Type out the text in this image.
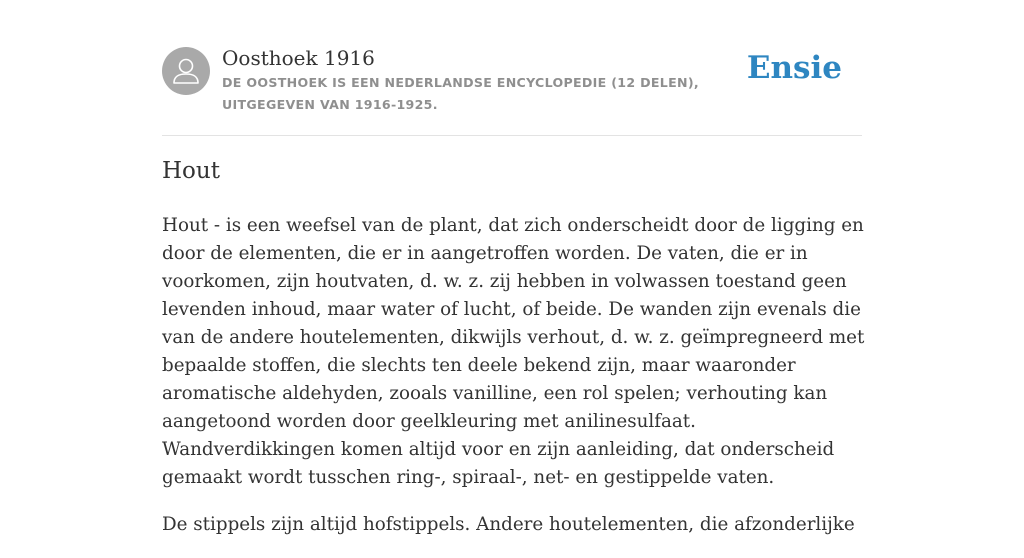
Oosthoek 1916
DE OOSTHOEK IS EEN NEDERLANDSE ENCYCLOPEDIE (12 DELEN), UITGEGEVEN VAN 1916-1925.
Ensie
Hout

Hout - is een weefsel van de plant, dat zich onderscheidt door de ligging en door de elementen, die er in aangetroffen worden. De vaten, die er in voorkomen, zijn houtvaten, d. w. z. zij hebben in volwassen toestand geen levenden inhoud, maar water of lucht, of beide. De wanden zijn evenals die van de andere houtelementen, dikwijls verhout, d. w. z. geïmpregneerd met bepaalde stoffen, die slechts ten deele bekend zijn, maar waaronder aromatische aldehyden, zooals vanilline, een rol spelen; verhouting kan aangetoond worden door geelkleuring met anilinesulfaat. Wandverdikkingen komen altijd voor en zijn aanleiding, dat onderscheid gemaakt wordt tusschen ring-, spiraal-, net- en gestippelde vaten.

De stippels zijn altijd hofstippels. Andere houtelementen, die afzonderlijke
